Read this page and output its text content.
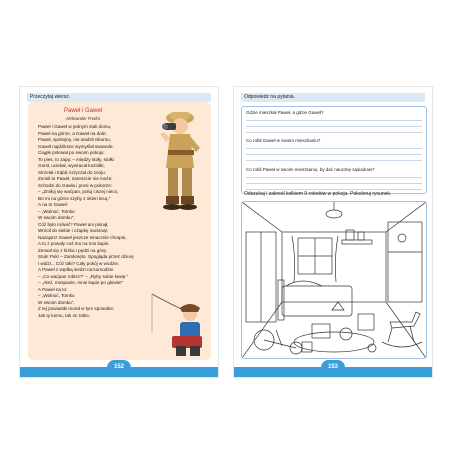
Przeczytaj wiersz.
Paweł i Gaweł
Aleksander Fredro
Paweł i Gaweł w jednym stali domu,
Paweł na górze, a Gaweł na dole;
Paweł, spokojny, nie wadził nikomu,
Gaweł najdziksze wymyślał swawole.
Ciągle polował po swoim pokoju:
To pies, to zając – między stoły, stołki
Gonił, uciekał, wywracał koziołki,
Strzelał i trąbił, krzyczał do znoju.
Znosił to Paweł, nareszcie nie może;
Schodzi do Gawła i prosi w pokorze:
– „Zmiłuj się waćpan, poluj ciszej nieco,
Bo mi na górze szyby z okien lecą."
A na to Gaweł:
– „Wolnoć, Tomku
W swoim domku".
Cóż było mówić? Paweł ani pisnął,
Wrócił do siebie i czapkę nacisnął.
Nazajutrz Gaweł jeszcze smacznie chrapie,
A tu z powały coś mu na nos kapie.
Zerwał się z łóżka i pędzi na górę.
Stuk! Puk! – Zamknięto. Spogląda przez dziurę
I widzi... Cóż taki? Cały pokój w wodzie,
A Paweł z wędką siedzi na komodzie.
– „Co waćpan robisz?" – „Ryby sobie łowię."
– „Ależ, mospanie, mnie kapie po głowie!"
A Paweł na to:
– „Wolnoć, Tomku
W swoim domku".
Z tej powiastki morał w tym sposobie:
Jak ty komu, tak on tobie.
152
Odpowiedz na pytania.
Gdzie mieszkał Paweł, a gdzie Gaweł?
Co robił Gaweł w swoim mieszkaniu?
Co robił Paweł w swoim mieszkaniu, by dać nauczkę sąsiadowi?
Odszukaj i zakreśl kolkiem 9 robotów w pokoju. Pokoloruj rysunek.
153
